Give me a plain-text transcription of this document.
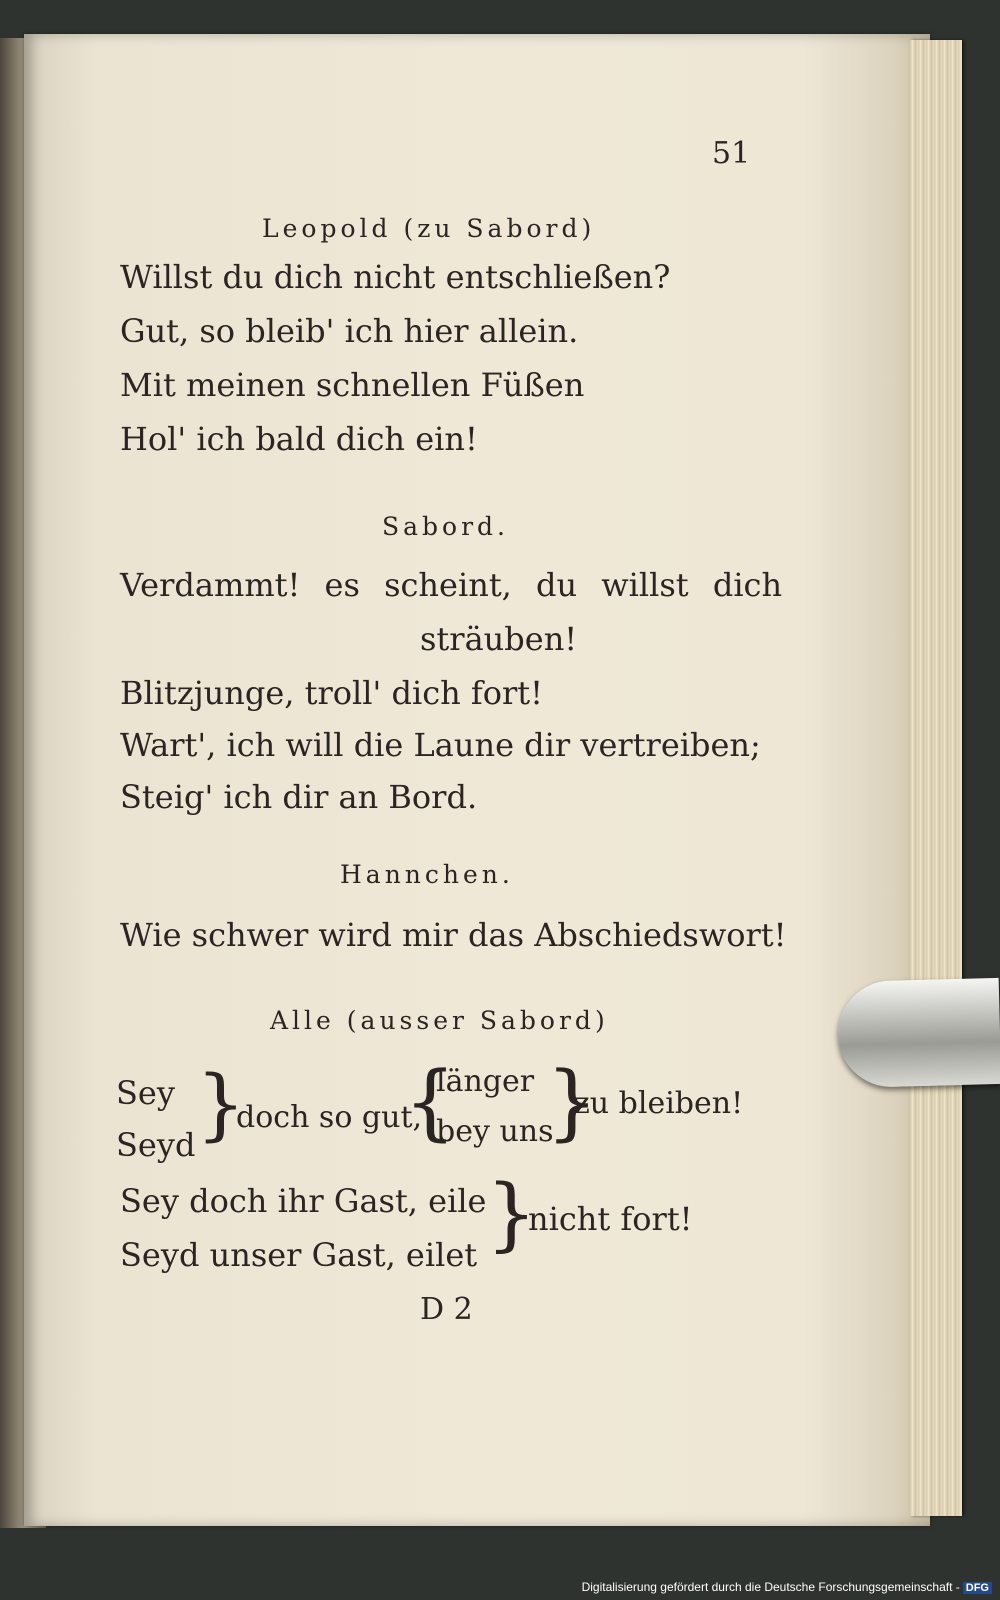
51
Leopold (zu Sabord)
Willst du dich nicht entschließen?
Gut, so bleib' ich hier allein.
Mit meinen schnellen Füßen
Hol' ich bald dich ein!
Sabord.
Verdammt! es scheint, du willst dich
sträuben!
Blitzjunge, troll' dich fort!
Wart', ich will die Laune dir vertreiben;
Steig' ich dir an Bord.
Hannchen.
Wie schwer wird mir das Abschiedswort!
Alle (ausser Sabord)
Sey
Seyd }
doch so gut,
{
länger
bey uns
}
zu bleiben!
Sey doch ihr Gast, eile
Seyd unser Gast, eilet }
nicht fort!
D 2
Digitalisierung gefördert durch die Deutsche Forschungsgemeinschaft - DFG
